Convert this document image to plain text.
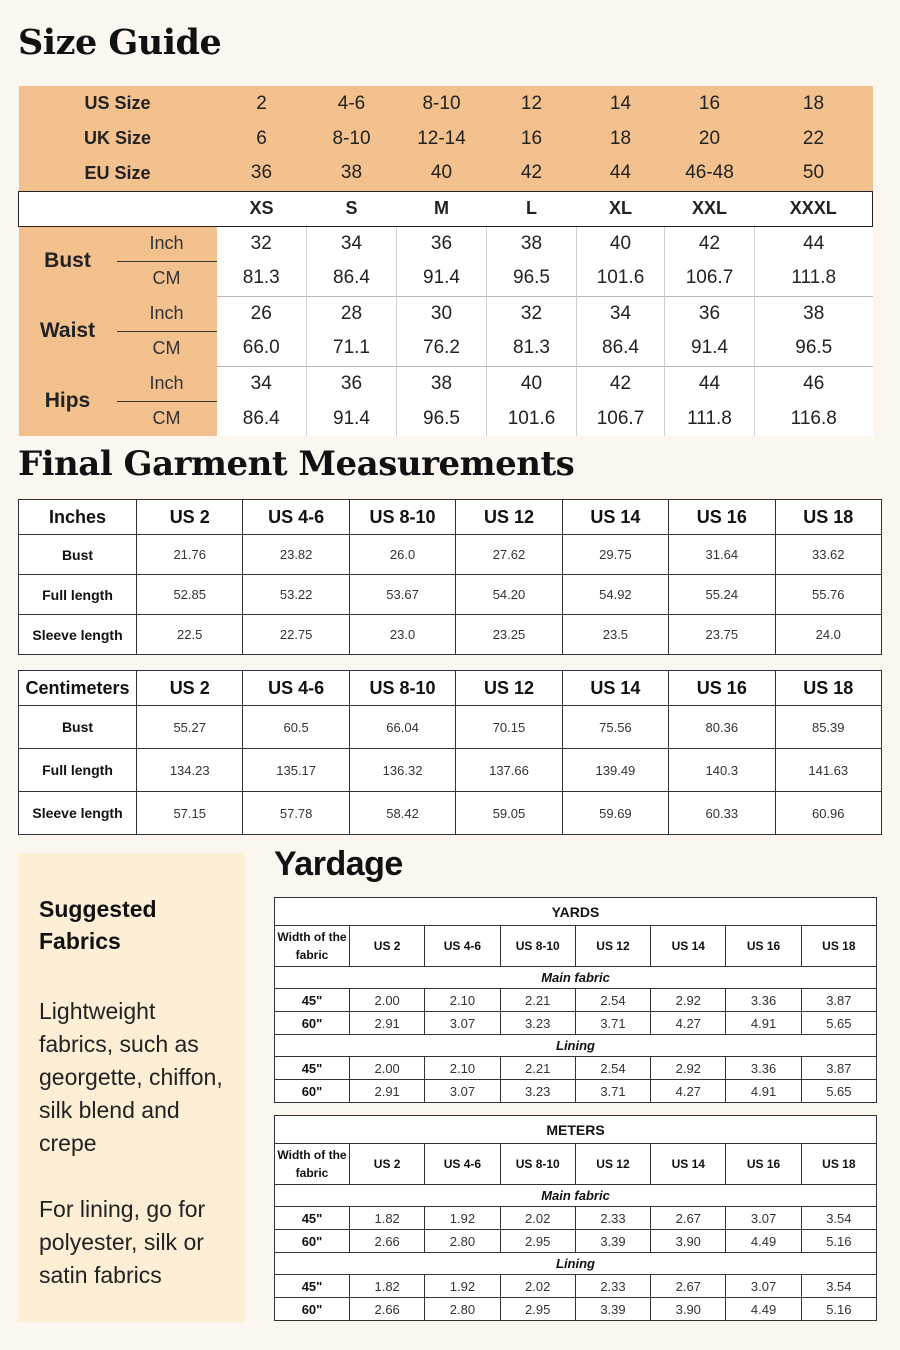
Size Guide
US Size		2	4-6	8-10	12	14	16	18
UK Size		6	8-10	12-14	16	18	20	22
EU Size		36	38	40	42	44	46-48	50
		XS	S	M	L	XL	XXL	XXXL
Bust	Inch	32	34	36	38	40	42	44
	CM	81.3	86.4	91.4	96.5	101.6	106.7	111.8
Waist	Inch	26	28	30	32	34	36	38
	CM	66.0	71.1	76.2	81.3	86.4	91.4	96.5
Hips	Inch	34	36	38	40	42	44	46
	CM	86.4	91.4	96.5	101.6	106.7	111.8	116.8
Final Garment Measurements
Inches	US 2	US 4-6	US 8-10	US 12	US 14	US 16	US 18
Bust	21.76	23.82	26.0	27.62	29.75	31.64	33.62
Full length	52.85	53.22	53.67	54.20	54.92	55.24	55.76
Sleeve length	22.5	22.75	23.0	23.25	23.5	23.75	24.0
Centimeters	US 2	US 4-6	US 8-10	US 12	US 14	US 16	US 18
Bust	55.27	60.5	66.04	70.15	75.56	80.36	85.39
Full length	134.23	135.17	136.32	137.66	139.49	140.3	141.63
Sleeve length	57.15	57.78	58.42	59.05	59.69	60.33	60.96
Suggested Fabrics

Lightweight fabrics, such as georgette, chiffon, silk blend and crepe

For lining, go for polyester, silk or satin fabrics

Yardage
YARDS							
Width of the fabric	US 2	US 4-6	US 8-10	US 12	US 14	US 16	US 18
Main fabric							
45"	2.00	2.10	2.21	2.54	2.92	3.36	3.87
60"	2.91	3.07	3.23	3.71	4.27	4.91	5.65
Lining							
45"	2.00	2.10	2.21	2.54	2.92	3.36	3.87
60"	2.91	3.07	3.23	3.71	4.27	4.91	5.65
METERS							
Width of the fabric	US 2	US 4-6	US 8-10	US 12	US 14	US 16	US 18
Main fabric							
45"	1.82	1.92	2.02	2.33	2.67	3.07	3.54
60"	2.66	2.80	2.95	3.39	3.90	4.49	5.16
Lining							
45"	1.82	1.92	2.02	2.33	2.67	3.07	3.54
60"	2.66	2.80	2.95	3.39	3.90	4.49	5.16
